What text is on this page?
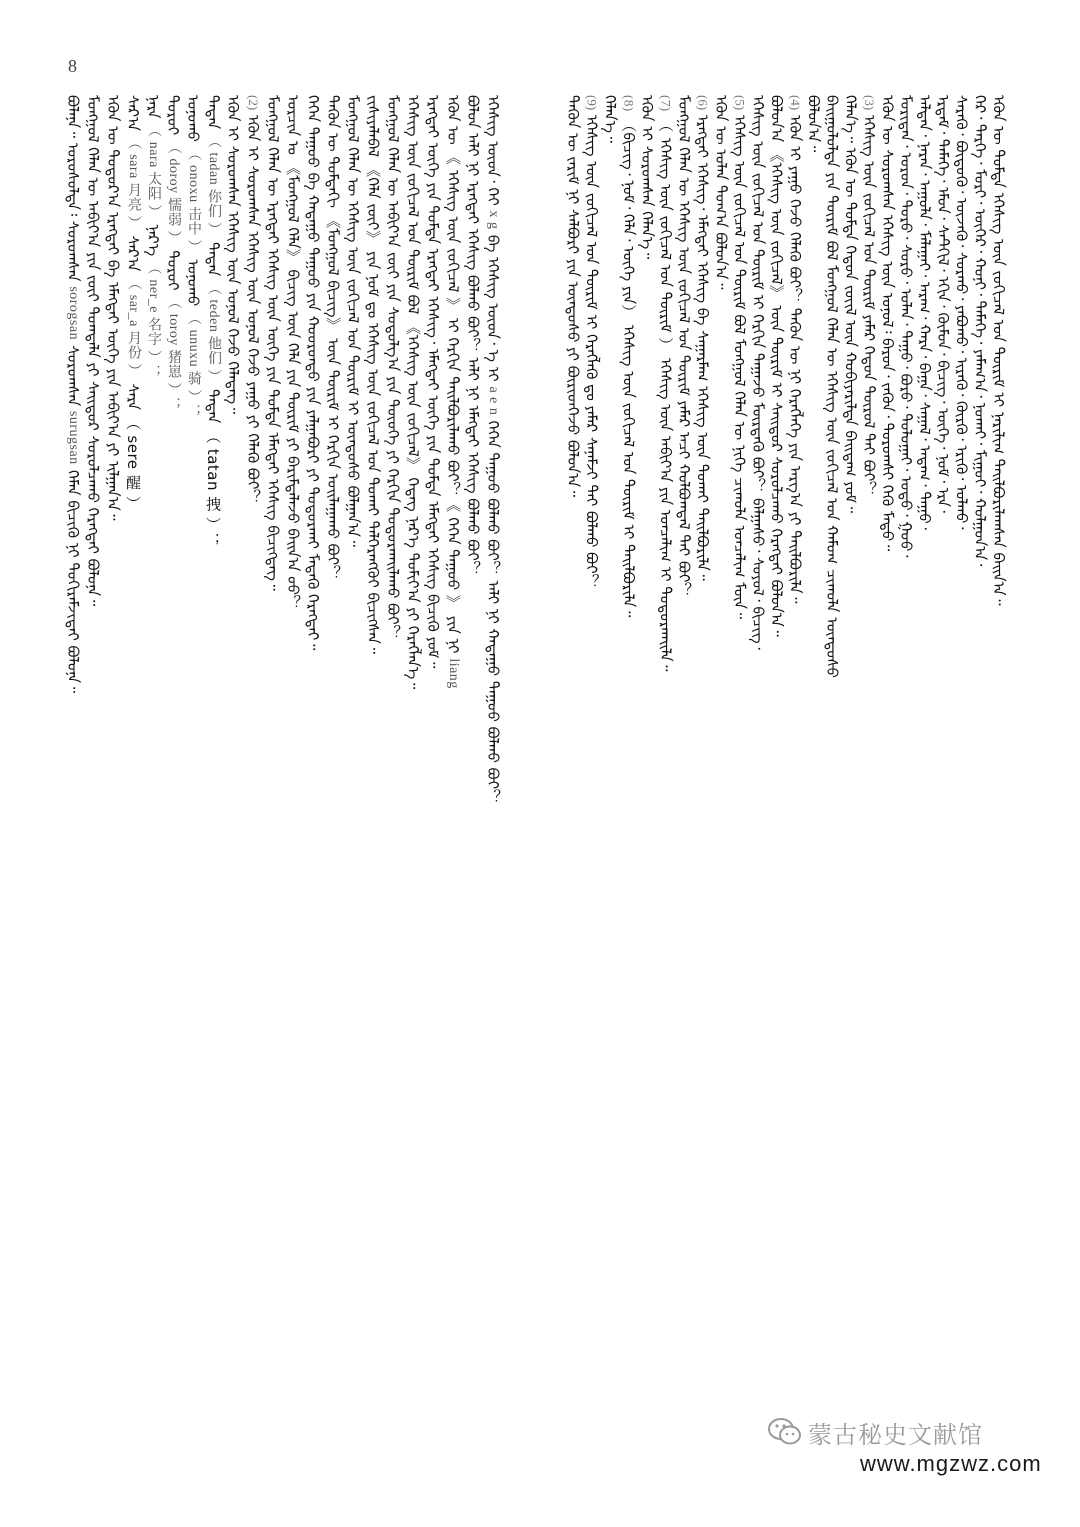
8
ᠪᠣᠯᠠᠨᠠ᠃ ᠣᠷᠣᠰᠤᠯᠲᠠ᠄ ᠰᠣᠷᠣᠭᠰᠠᠨ sorogsan ᠰᠣᠷᠣᠭᠰᠠᠨ surugsan ᠬᠡᠮᠡᠨ ᠪᠢᠴᠢᠬᠦ ᠨᠢ ᠲᠣᠬᠢᠷᠠᠮᠵᠢᠲᠠᠢ ᠪᠣᠯᠤᠨᠠ᠃ ᠮᠣᠩᠭᠣᠯ ᠬᠡᠯᠡᠨ ᠦ ᠠᠪᠢᠶ᠎ᠠ ᠶᠢᠨ ᠵᠦᠢ ᠲᠣᠭᠲᠠᠯᠠ ᠶᠢ ᠰᠠᠢᠲᠤᠷ ᠰᠤᠷᠤᠯᠴᠠᠬᠤ ᠬᠡᠷᠡᠭᠲᠡᠢ ᠪᠣᠯᠤᠨᠠ᠃ ᠡᠭᠦᠨ ᠦ ᠳᠣᠲᠣᠷ᠎ᠠ ᠡᠷᠡᠭᠲᠡᠢ ᠪᠠ ᠡᠮᠡᠭᠲᠡᠢ ᠦᠭᠡ ᠶᠢᠨ ᠠᠪᠢᠶ᠎ᠠ ᠶᠢ ᠢᠯᠭᠠᠨ᠎ᠠ᠃ ᠰᠠᠷ᠎ᠠ （ sara 月亮 ） ᠰᠠᠷ᠎ᠠ （ sar_a 月份 ） ᠰᠡᠷᠡ （ sere 醒 ）
ᠨᠠᠷᠠ （ nara 太阳 ） ᠨᠡᠷ᠎ᠡ （ ner_e 名字 ）；
ᠳᠣᠷᠣᠢ （ doroy 懦弱 ） ᠲᠣᠷᠣᠢ （ toroy 猪崽 ）；
ᠣᠨᠣᠬᠤ （ onoxu 击中 ） ᠤᠨᠤᠬᠤ （ unuxu 骑 ）；
ᠲᠠᠳᠠᠨ （ tadan 你们 ） ᠲᠡᠳᠡᠨ （ teden 他们 ） ᠲᠠᠲᠠᠨ （ tatan 拽 ）；
ᠡᠭᠦᠨ ᠢ ᠰᠣᠷᠣᠭᠰᠠᠨ ᠡᠭᠡᠰᠢᠭ ᠦᠨ ᠣᠨᠣᠯ ᠭᠡᠵᠦ ᠬᠡᠯᠡᠳᠡᠭ᠃ (2) ᠡᠭᠦᠨ ᠢ ᠰᠤᠷᠤᠭᠰᠠᠨ ᠡᠭᠡᠰᠢᠭ ᠦᠨ ᠣᠨᠣᠯ ᠭᠡᠵᠦ ᠶᠠᠭᠤ ᠶᠢ ᠬᠡᠯᠡᠬᠦ ᠪᠤᠢ？ ᠮᠣᠩᠭᠣᠯ ᠬᠡᠯᠡᠨ ᠦ ᠡᠷᠡᠭᠲᠡᠢ ᠡᠭᠡᠰᠢᠭ ᠦᠨ ᠦᠭᠡ ᠶᠢᠨ ᠳᠤᠮᠳᠠ ᠡᠮᠡᠭᠲᠡᠢ ᠡᠭᠡᠰᠢᠭ ᠪᠢᠴᠢᠭᠳᠡᠭ᠃ ᠣᠷᠴᠢᠨ ᠤ 《ᠮᠣᠩᠭᠣᠯ ᠬᠡᠯᠡ》 ᠪᠢᠴᠢᠭ ᠦᠨ ᠬᠡᠯᠡ ᠶᠢᠨ ᠳᠦᠷᠢᠮ ᠶᠢ ᠪᠠᠷᠢᠮᠲᠠᠯᠠᠵᠤ ᠪᠠᠢᠨ᠎ᠠ ᠤᠤ？ ᠭᠡᠭᠡᠨ ᠳᠠᠭᠤᠤ ᠪᠠ ᠬᠠᠲᠠᠭᠤ ᠳᠠᠭᠤᠤ ᠶᠢᠨ ᠬᠣᠣᠷᠣᠨᠳᠤ ᠶᠢᠨ ᠶᠠᠯᠭᠠᠪᠤᠷᠢ ᠶᠢ ᠲᠣᠳᠣᠷᠬᠠᠢ ᠮᠡᠳᠡᠬᠦ ᠬᠡᠷᠡᠭᠲᠡᠢ᠃ ᠲᠡᠭᠦᠨ ᠦ ᠳᠤᠮᠳᠠᠬᠢ 《ᠮᠣᠩᠭᠣᠯ ᠪᠢᠴᠢᠭ》 ᠦᠨ ᠳᠦᠷᠢᠮ ᠢ ᠬᠡᠷᠬᠢᠨ ᠣᠢᠯᠠᠭᠠᠬᠤ ᠪᠤᠢ？ ᠮᠣᠩᠭᠣᠯ ᠬᠡᠯᠡᠨ ᠦ ᠡᠭᠡᠰᠢᠭ ᠦᠨ ᠵᠣᠬᠢᠴᠠᠯ ᠤᠨ ᠳᠦᠷᠢᠮ ᠢ ᠦᠨᠳᠦᠰᠦ ᠪᠣᠯᠭᠠᠨ᠎ᠠ᠃ ᠵᠢᠱᠢᠶᠡᠯᠡᠪᠡᠯ 《ᠬᠡᠯᠡ ᠵᠦᠢ》 ᠶᠢᠨ ᠨᠣᠮ ᠳᠤ ᠡᠭᠡᠰᠢᠭ ᠦᠨ ᠵᠣᠬᠢᠴᠠᠯ ᠤᠨ ᠲᠤᠬᠠᠢ ᠳᠡᠯᠭᠡᠷᠡᠩᠭᠦᠢ ᠪᠢᠴᠢᠭᠰᠡᠨ᠃ ᠮᠣᠩᠭᠣᠯ ᠬᠡᠯᠡᠨ ᠦ ᠠᠪᠢᠶ᠎ᠠ ᠵᠦᠢ ᠶᠢᠨ ᠰᠤᠳᠤᠯᠭ᠎ᠠ ᠶᠢᠨ ᠲᠦᠦᠬᠡ ᠶᠢ ᠬᠡᠷᠬᠢᠨ ᠲᠣᠳᠣᠷᠬᠠᠢᠯᠠᠬᠤ ᠪᠤᠢ？ ᠡᠭᠡᠰᠢᠭ ᠦᠨ ᠵᠣᠬᠢᠴᠠᠯ ᠤᠨ ᠳᠦᠷᠢᠮ ᠪᠣᠯ 《ᠡᠭᠡᠰᠢᠭ ᠦᠨ ᠵᠣᠬᠢᠴᠠᠯ》 ᠭᠡᠳᠡᠭ ᠨᠡᠷ᠎ᠡ ᠲᠣᠮᠢᠶ᠎ᠠ ᠶᠢ ᠬᠡᠷᠡᠭᠯᠡᠨ᠎ᠡ᠃ ᠡᠷᠡᠭᠲᠡᠢ ᠦᠭᠡ ᠶᠢᠨ ᠳᠤᠮᠳᠠ ᠡᠷᠡᠭᠲᠡᠢ ᠡᠭᠡᠰᠢᠭ᠂ ᠡᠮᠡᠭᠲᠡᠢ ᠦᠭᠡ ᠶᠢᠨ ᠳᠤᠮᠳᠠ ᠡᠮᠡᠭᠲᠡᠢ ᠡᠭᠡᠰᠢᠭ ᠪᠢᠴᠢᠬᠦ ᠶᠤᠮ᠃ ᠡᠭᠦᠨ ᠦ 《 ᠡᠭᠡᠰᠢᠭ ᠦᠨ ᠵᠣᠬᠢᠴᠠᠯ 》 ᠢ ᠬᠡᠷᠬᠢᠨ ᠲᠠᠢᠯᠪᠤᠷᠢᠯᠠᠬᠤ ᠪᠤᠢ？《 ᠭᠡᠭᠡᠨ ᠳᠠᠭᠤᠤ 》 ᠶᠢᠨ ᠨᠢ liang
ᠪᠣᠯᠤᠨ ᠠᠯᠢ ᠨᠢ ᠡᠷᠡᠭᠲᠡᠢ ᠡᠭᠡᠰᠢᠭ ᠪᠣᠯᠬᠤ ᠪᠤᠢ？ ᠠᠯᠢ ᠨᠢ ᠡᠮᠡᠭᠲᠡᠢ ᠡᠭᠡᠰᠢᠭ ᠪᠣᠯᠬᠤ ᠪᠤᠢ？ ᠡᠭᠡᠰᠢᠭ ᠦᠳ᠂ ᠭᠡᠢ x g ᠪᠠ ᠡᠭᠡᠰᠢᠭ ᠦᠳ᠂ ᠡ ᠢ a e n ᠭᠡᠭᠡᠨ ᠳᠠᠭᠤᠤ ᠪᠣᠯᠬᠤ ᠪᠤᠢ？ ᠠᠯᠢ ᠨᠢ ᠬᠠᠲᠠᠭᠤ ᠳᠠᠭᠤᠤ ᠪᠣᠯᠬᠤ ᠪᠤᠢ？
ᠲᠡᠭᠦᠨ ᠦ ᠵᠠᠷᠢᠮ ᠨᠢ ᠰᠠᠯᠪᠤᠷᠢ ᠶᠢᠨ ᠦᠨᠳᠦᠰᠦ ᠶᠢ ᠪᠦᠷᠢᠳᠬᠡᠵᠦ ᠪᠣᠯᠤᠨ᠎ᠠ᠃ (9) ᠡᠭᠡᠰᠢᠭ ᠦᠨ ᠵᠣᠬᠢᠴᠠᠯ ᠤᠨ ᠳᠦᠷᠢᠮ ᠢ ᠬᠡᠷᠡᠭᠯᠡᠬᠦ ᠳᠤ ᠶᠠᠮᠠᠷ ᠰᠠᠨᠠᠮᠵᠢ ᠲᠠᠢ ᠪᠣᠯᠬᠤ ᠪᠤᠢ？ ᠬᠡᠯᠡᠨ᠎ᠡ᠃ (8) （ᠪᠢᠴᠢᠭ᠂ ᠨᠣᠮ᠂ ᠬᠡᠯᠡ᠂ ᠦᠭᠡ ᠶᠢᠨ） ᠡᠭᠡᠰᠢᠭ ᠦᠨ ᠵᠣᠬᠢᠴᠠᠯ ᠤᠨ ᠳᠦᠷᠢᠮ ᠢ ᠲᠠᠢᠯᠪᠤᠷᠢᠯᠠ᠃ ᠡᠭᠦᠨ ᠢ ᠰᠣᠷᠣᠭᠰᠠᠨ ᠬᠡᠯᠡᠨ᠎ᠡ᠃ (7) （ ᠡᠭᠡᠰᠢᠭ ᠦᠨ ᠵᠣᠬᠢᠴᠠᠯ ᠤᠨ ᠳᠦᠷᠢᠮ ） ᠡᠭᠡᠰᠢᠭ ᠦᠨ ᠠᠪᠢᠶ᠎ᠠ ᠶᠢᠨ ᠣᠨᠴᠠᠯᠢᠭ ᠢ ᠲᠣᠳᠣᠷᠬᠠᠢᠯᠠ᠃ ᠮᠣᠩᠭᠣᠯ ᠬᠡᠯᠡᠨ ᠦ ᠡᠭᠡᠰᠢᠭ ᠦᠨ ᠵᠣᠬᠢᠴᠠᠯ ᠤᠨ ᠳᠦᠷᠢᠮ ᠶᠠᠮᠠᠷ ᠠᠴᠢ ᠬᠣᠯᠪᠣᠭᠳᠠᠯ ᠲᠠᠢ ᠪᠤᠢ？ (6) ᠡᠷᠡᠭᠲᠡᠢ ᠡᠭᠡᠰᠢᠭ᠂ ᠡᠮᠡᠭᠲᠡᠢ ᠡᠭᠡᠰᠢᠭ ᠪᠠ ᠰᠠᠭᠠᠷᠮᠠᠭ ᠡᠭᠡᠰᠢᠭ ᠦᠨ ᠲᠤᠬᠠᠢ ᠲᠠᠢᠯᠪᠤᠷᠢᠯᠠ᠃ ᠡᠭᠦᠨ ᠦ ᠣᠯᠠᠨ ᠲᠣᠭ᠎ᠠ ᠪᠣᠯᠤᠨ᠎ᠠ᠃ (5) ᠡᠭᠡᠰᠢᠭ ᠦᠨ ᠵᠣᠬᠢᠴᠠᠯ ᠤᠨ ᠳᠦᠷᠢᠮ ᠪᠣᠯ ᠮᠣᠩᠭᠣᠯ ᠬᠡᠯᠡᠨ ᠦ ᠨᠢᠭᠡ ᠴᠢᠬᠤᠯᠠ ᠣᠨᠴᠠᠯᠢᠭ ᠮᠥᠨ᠃ ᠡᠭᠡᠰᠢᠭ ᠦᠨ ᠵᠣᠬᠢᠴᠠᠯ ᠤᠨ ᠳᠦᠷᠢᠮ ᠢ ᠬᠡᠷᠬᠢᠨ ᠳᠠᠭᠠᠵᠤ ᠮᠦᠷᠳᠡᠬᠦ ᠪᠤᠢ？ ᠪᠠᠯᠭᠠᠰᠤ᠂ ᠰᠣᠶᠣᠯ᠂ ᠪᠢᠴᠢᠭ᠂ ᠪᠣᠯᠤᠨ᠎ᠠ 《ᠡᠭᠡᠰᠢᠭ ᠦᠨ ᠵᠣᠬᠢᠴᠠᠯ》 ᠦᠨ ᠳᠦᠷᠢᠮ ᠢ ᠰᠠᠢᠲᠤᠷ ᠰᠤᠷᠤᠯᠴᠠᠬᠤ ᠬᠡᠷᠡᠭᠲᠡᠢ ᠪᠣᠯᠤᠨ᠎ᠠ᠃ (4) ᠡᠭᠦᠨ ᠢ ᠶᠠᠭᠤ ᠭᠡᠵᠦ ᠬᠡᠯᠡᠬᠦ ᠪᠤᠢ？ ᠲᠡᠭᠦᠨ ᠦ ᠨᠢ ᠬᠡᠷᠡᠭᠯᠡᠭᠡ ᠶᠢᠨ ᠠᠷᠭ᠎ᠠ ᠶᠢ ᠲᠠᠢᠯᠪᠤᠷᠢᠯᠠ᠃ ᠪᠣᠯᠤᠨ᠎ᠠ᠃ ᠪᠠᠢᠭᠤᠯᠤᠯᠲᠠ ᠶᠢᠨ ᠳᠦᠷᠢᠮ ᠪᠣᠯ ᠮᠣᠩᠭᠣᠯ ᠬᠡᠯᠡᠨ ᠦ ᠡᠭᠡᠰᠢᠭ ᠦᠨ ᠵᠣᠬᠢᠴᠠᠯ ᠤᠨ ᠬᠠᠮᠤᠭ ᠴᠢᠬᠤᠯᠠ ᠦᠨᠳᠦᠰᠦ ᠬᠡᠯᠡᠨ᠎ᠡ᠃ ᠡᠭᠦᠨ ᠦ ᠳᠤᠮᠳᠠ ᠬᠡᠳᠦᠨ ᠵᠦᠢᠯ ᠦᠨ ᠬᠤᠪᠢᠶᠠᠷᠢᠯᠲᠠ ᠪᠠᠢᠳᠠᠭ ᠶᠤᠮ᠃ (3) ᠡᠭᠡᠰᠢᠭ ᠦᠨ ᠵᠣᠬᠢᠴᠠᠯ ᠤᠨ ᠳᠦᠷᠢᠮ ᠶᠠᠮᠠᠷ ᠬᠡᠳᠦᠨ ᠲᠥᠷᠥᠯ ᠲᠠᠢ ᠪᠤᠢ？ ᠡᠭᠦᠨ ᠦ ᠰᠤᠷᠤᠭᠰᠠᠨ ᠡᠭᠡᠰᠢᠭ ᠦᠨ ᠣᠨᠣᠯ᠄ ᠪᠠᠷᠤᠨ᠂ ᠵᠡᠭᠦᠨ᠂ ᠳᠣᠷᠣᠭᠰᠢ ᠭᠡᠬᠦ ᠮᠡᠳᠦ᠃ ᠮᠣᠷᠢᠳᠠᠨ᠂ ᠣᠷᠣᠨ᠂ ᠳᠣᠷᠣ᠂ ᠰᠣᠷᠣ᠂ ᠣᠯᠠᠨ᠂ ᠳᠠᠭᠤ᠂ ᠪᠣᠷᠣ᠂ ᠲᠣᠯᠣᠭᠠᠢ᠂ ᠣᠳᠣ᠂ ᠭᠣᠣ᠂ ᠠᠯᠲᠠᠨ᠂ ᠨᠠᠷᠠᠨ᠂ ᠠᠭᠤᠯᠠ᠂ ᠮᠠᠯᠠᠭᠠᠢ᠂ ᠠᠷᠠᠭ᠂ ᠬᠠᠷᠠ᠂ ᠪᠠᠭᠠ᠂ ᠰᠠᠭᠠᠯ᠂ ᠠᠳᠠᠭ᠂ ᠳᠠᠭᠤ᠂ ᠡᠷᠳᠡᠮ᠂ ᠲᠡᠮᠡᠭᠡ᠂ ᠡᠮᠦᠨ᠂ ᠰᠡᠲᠭᠢᠯ᠂ ᠡᠬᠢᠨ᠂ ᠬᠦᠮᠦᠨ᠂ ᠪᠢᠴᠢᠭ᠂ ᠦᠭᠡ᠂ ᠨᠣᠮ᠂ ᠡᠷᠡ᠂ ᠰᠡᠷᠡᠬᠦ᠂ ᠪᠦᠲᠦᠬᠦ᠂ ᠦᠵᠡᠬᠦ᠂ ᠰᠤᠷᠬᠤ᠂ ᠶᠠᠪᠤᠬᠤ᠂ ᠢᠷᠡᠬᠦ᠂ ᠬᠦᠷᠬᠦ᠂ ᠡᠷᠢᠬᠦ᠂ ᠣᠯᠬᠤ᠂ ᠭᠡᠷ᠂ ᠲᠡᠷᠭᠡ᠂ ᠮᠣᠷᠢ᠂ ᠦᠬᠡᠷ᠂ ᠬᠣᠨᠢ᠂ ᠲᠡᠮᠡᠭᠡ᠂ ᠶᠠᠮᠠᠭ᠎ᠠ᠂ ᠨᠣᠬᠠᠢ᠂ ᠮᠢᠭᠤᠢ᠂ ᠬᠣᠯᠭᠣᠨ᠎ᠠ᠂ ᠡᠭᠦᠨ ᠦ ᠳᠤᠮᠳᠠ ᠡᠭᠡᠰᠢᠭ ᠦᠨ ᠵᠣᠬᠢᠴᠠᠯ ᠤᠨ ᠳᠦᠷᠢᠮ ᠢ ᠨᠠᠷᠢᠯᠢᠭ ᠲᠠᠢᠯᠪᠤᠷᠢᠯᠠᠭᠰᠠᠨ ᠪᠠᠢᠨ᠎ᠠ᠃
蒙古秘史文献馆
www.mgzwz.com
